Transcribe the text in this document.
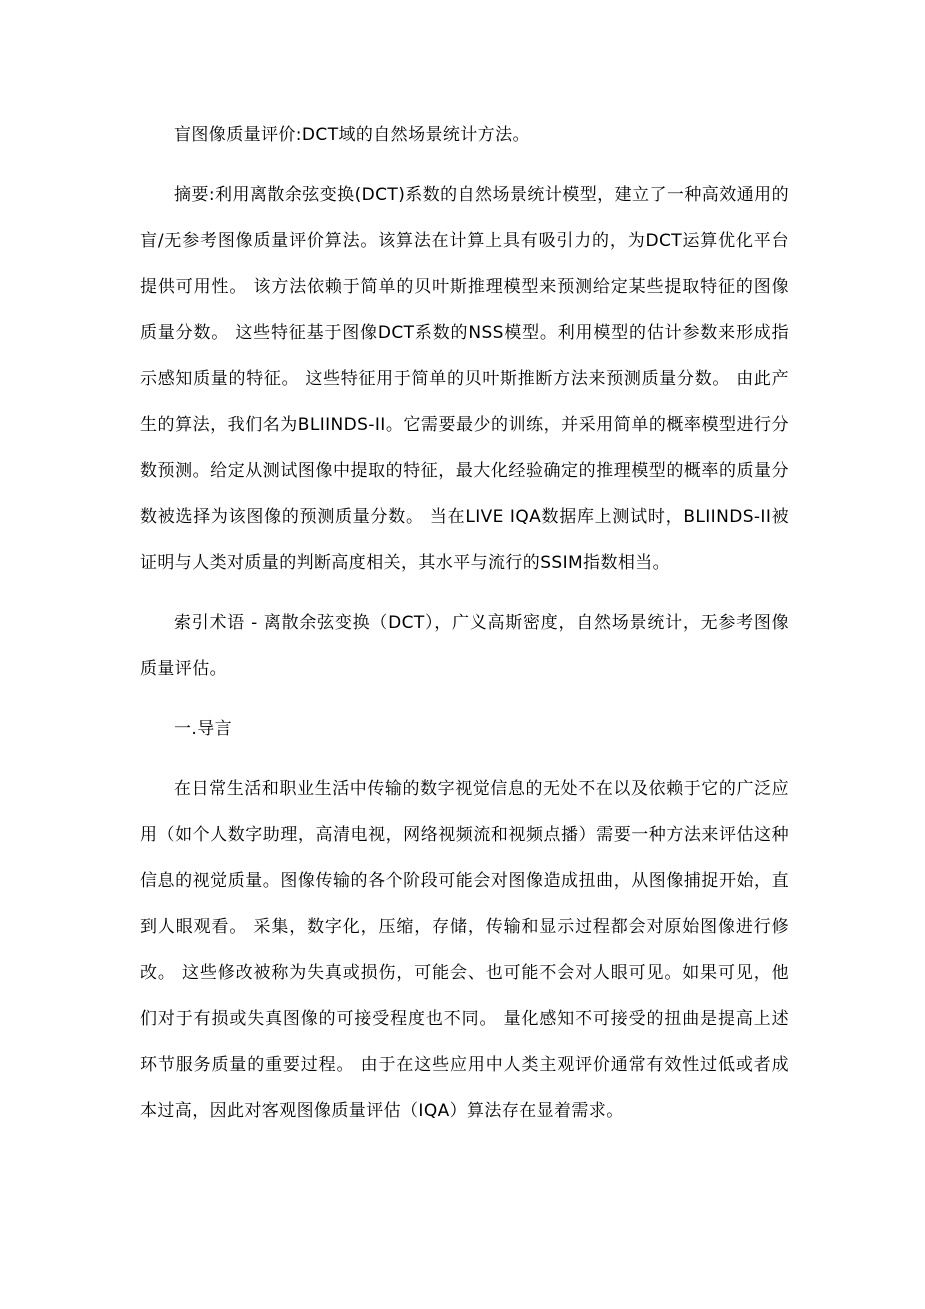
盲图像质量评价:DCT域的自然场景统计方法。

摘要:利用离散余弦变换(DCT)系数的自然场景统计模型，建立了一种高效通用的盲/无参考图像质量评价算法。该算法在计算上具有吸引力的，为DCT运算优化平台提供可用性。 该方法依赖于简单的贝叶斯推理模型来预测给定某些提取特征的图像质量分数。 这些特征基于图像DCT系数的NSS模型。利用模型的估计参数来形成指示感知质量的特征。 这些特征用于简单的贝叶斯推断方法来预测质量分数。 由此产生的算法，我们名为BLIINDS-II。它需要最少的训练，并采用简单的概率模型进行分数预测。给定从测试图像中提取的特征，最大化经验确定的推理模型的概率的质量分数被选择为该图像的预测质量分数。 当在LIVE IQA数据库上测试时，BLIINDS-II被证明与人类对质量的判断高度相关，其水平与流行的SSIM指数相当。

索引术语 - 离散余弦变换（DCT），广义高斯密度，自然场景统计，无参考图像质量评估。

一.导言

在日常生活和职业生活中传输的数字视觉信息的无处不在以及依赖于它的广泛应用（如个人数字助理，高清电视，网络视频流和视频点播）需要一种方法来评估这种信息的视觉质量。图像传输的各个阶段可能会对图像造成扭曲，从图像捕捉开始，直到人眼观看。 采集，数字化，压缩，存储，传输和显示过程都会对原始图像进行修改。 这些修改被称为失真或损伤，可能会、也可能不会对人眼可见。如果可见，他们对于有损或失真图像的可接受程度也不同。 量化感知不可接受的扭曲是提高上述环节服务质量的重要过程。 由于在这些应用中人类主观评价通常有效性过低或者成本过高，因此对客观图像质量评估（IQA）算法存在显着需求。
